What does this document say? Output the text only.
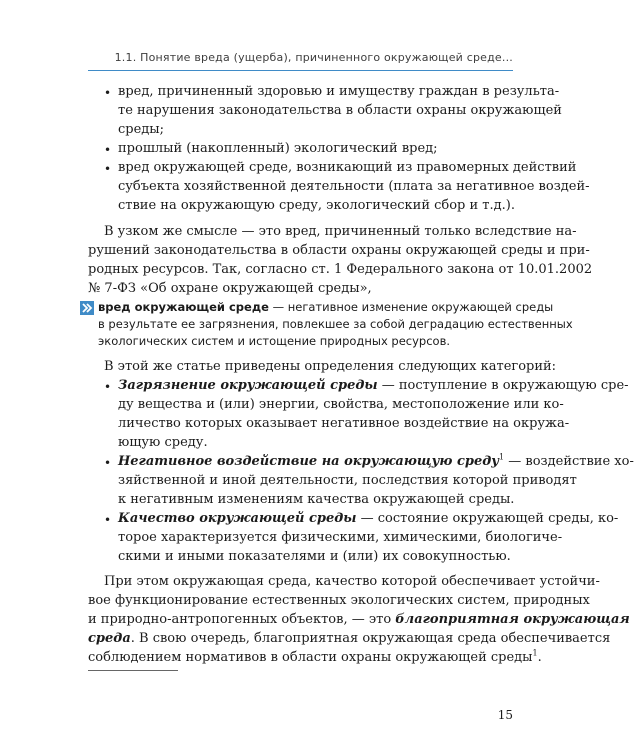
1.1. Понятие вреда (ущерба), причиненного окружающей среде...
• вред, причиненный здоровью и имуществу граждан в результа-
те нарушения законодательства в области охраны окружающей
среды;
• прошлый (накопленный) экологический вред;
• вред окружающей среде, возникающий из правомерных действий
субъекта хозяйственной деятельности (плата за негативное воздей-
ствие на окружающую среду, экологический сбор и т.д.).
В узком же смысле — это вред, причиненный только вследствие на-
рушений законодательства в области охраны окружающей среды и при-
родных ресурсов. Так, согласно ст. 1 Федерального закона от 10.01.2002
№ 7-ФЗ «Об охране окружающей среды»,
вред окружающей среде — негативное изменение окружающей среды
в результате ее загрязнения, повлекшее за собой деградацию естественных
экологических систем и истощение природных ресурсов.
В этой же статье приведены определения следующих категорий:
• Загрязнение окружающей среды — поступление в окружающую сре-
ду вещества и (или) энергии, свойства, местоположение или ко-
личество которых оказывает негативное воздействие на окружа-
ющую среду.
• Негативное воздействие на окружающую среду$^1$ — воздействие хо-
зяйственной и иной деятельности, последствия которой приводят
к негативным изменениям качества окружающей среды.
• Качество окружающей среды — состояние окружающей среды, ко-
торое характеризуется физическими, химическими, биологиче-
скими и иными показателями и (или) их совокупностью.
При этом окружающая среда, качество которой обеспечивает устойчи-
вое функционирование естественных экологических систем, природных
и природно-антропогенных объектов, — это благоприятная окружающая
среда. В свою очередь, благоприятная окружающая среда обеспечивается
соблюдением нормативов в области охраны окружающей среды$^1$.
15
